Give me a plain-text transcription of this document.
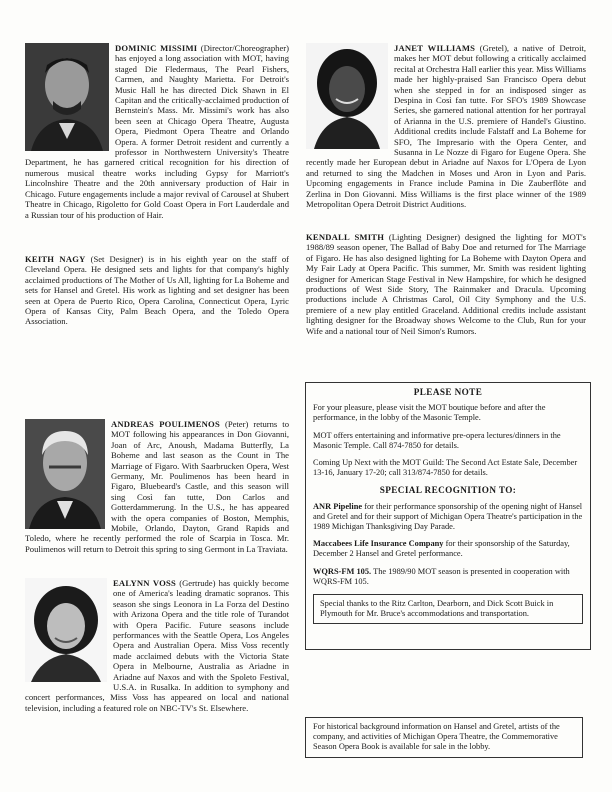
DOMINIC MISSIMI (Director/Choreographer) has enjoyed a long association with MOT, having staged Die Fledermaus, The Pearl Fishers, Carmen, and Naughty Marietta. For Detroit's Music Hall he has directed Dick Shawn in El Capitan and the critically-acclaimed production of Bernstein's Mass. Mr. Missimi's work has also been seen at Chicago Opera Theatre, Augusta Opera, Piedmont Opera Theatre and Orlando Opera. A former Detroit resident and currently a professor in Northwestern University's Theatre Department, he has garnered critical recognition for his direction of numerous musical theatre works including Gypsy for Marriott's Lincolnshire Theatre and the 20th anniversary production of Hair in Chicago. Future engagements include a major revival of Carousel at Shubert Theatre in Chicago, Rigoletto for Gold Coast Opera in Fort Lauderdale and a Russian tour of his production of Hair.
JANET WILLIAMS (Gretel), a native of Detroit, makes her MOT debut following a critically acclaimed recital at Orchestra Hall earlier this year. Miss Williams made her highly-praised San Francisco Opera debut when she stepped in for an indisposed singer as Despina in Così fan tutte. For SFO's 1989 Showcase Series, she garnered national attention for her portrayal of Arianna in the U.S. premiere of Handel's Giustino. Additional credits include Falstaff and La Boheme for SFO, The Impresario with the Opera Center, and Susanna in Le Nozze di Figaro for Eugene Opera. She recently made her European debut in Ariadne auf Naxos for L'Opera de Lyon and returned to sing the Madchen in Moses und Aron in Lyon and Paris. Upcoming engagements in France include Pamina in Die Zauberflöte and Zerlina in Don Giovanni. Miss Williams is the first place winner of the 1989 Metropolitan Opera Detroit District Auditions.
KENDALL SMITH (Lighting Designer) designed the lighting for MOT's 1988/89 season opener, The Ballad of Baby Doe and returned for The Marriage of Figaro. He has also designed lighting for La Boheme with Dayton Opera and My Fair Lady at Opera Pacific. This summer, Mr. Smith was resident lighting designer for American Stage Festival in New Hampshire, for which he designed productions of West Side Story, The Rainmaker and Dracula. Upcoming productions include A Christmas Carol, Oil City Symphony and the U.S. premiere of a new play entitled Graceland. Additional credits include assistant lighting designer for the Broadway shows Welcome to the Club, Run for your Wife and a national tour of Neil Simon's Rumors.
KEITH NAGY (Set Designer) is in his eighth year on the staff of Cleveland Opera. He designed sets and lights for that company's highly acclaimed productions of The Mother of Us All, lighting for La Boheme and sets for Hansel and Gretel. His work as lighting and set designer has been seen at Opera de Puerto Rico, Opera Carolina, Connecticut Opera, Lyric Opera of Kansas City, Palm Beach Opera, and the Toledo Opera Association.
ANDREAS POULIMENOS (Peter) returns to MOT following his appearances in Don Giovanni, Joan of Arc, Anoush, Madama Butterfly, La Boheme and last season as the Count in The Marriage of Figaro. With Saarbrucken Opera, West Germany, Mr. Poulimenos has been heard in Figaro, Bluebeard's Castle, and this season will sing Così fan tutte, Don Carlos and Gotterdammerung. In the U.S., he has appeared with the opera companies of Boston, Memphis, Mobile, Orlando, Dayton, Grand Rapids and Toledo, where he recently performed the role of Scarpia in Tosca. Mr. Poulimenos will return to Detroit this spring to sing Germont in La Traviata.
EALYNN VOSS (Gertrude) has quickly become one of America's leading dramatic sopranos. This season she sings Leonora in La Forza del Destino with Arizona Opera and the title role of Turandot with Opera Pacific. Future seasons include performances with the Seattle Opera, Los Angeles Opera and Australian Opera. Miss Voss recently made acclaimed debuts with the Victoria State Opera in Melbourne, Australia as Ariadne in Ariadne auf Naxos and with the Spoleto Festival, U.S.A. in Rusalka. In addition to symphony and concert performances, Miss Voss has appeared on local and national television, including a featured role on NBC-TV's St. Elsewhere.
PLEASE NOTE

For your pleasure, please visit the MOT boutique before and after the performance, in the lobby of the Masonic Temple.

MOT offers entertaining and informative pre-opera lectures/dinners in the Masonic Temple. Call 874-7850 for details.

Coming Up Next with the MOT Guild: The Second Act Estate Sale, December 13-16, January 17-20; call 313/874-7850 for details.

SPECIAL RECOGNITION TO:

ANR Pipeline for their performance sponsorship of the opening night of Hansel and Gretel and for their support of Michigan Opera Theatre's participation in the 1989 Michigan Thanksgiving Day Parade.

Maccabees Life Insurance Company for their sponsorship of the Saturday, December 2 Hansel and Gretel performance.

WQRS-FM 105. The 1989/90 MOT season is presented in cooperation with WQRS-FM 105.

Special thanks to the Ritz Carlton, Dearborn, and Dick Scott Buick in Plymouth for Mr. Bruce's accommodations and transportation.
For historical background information on Hansel and Gretel, artists of the company, and activities of Michigan Opera Theatre, the Commemorative Season Opera Book is available for sale in the lobby.
